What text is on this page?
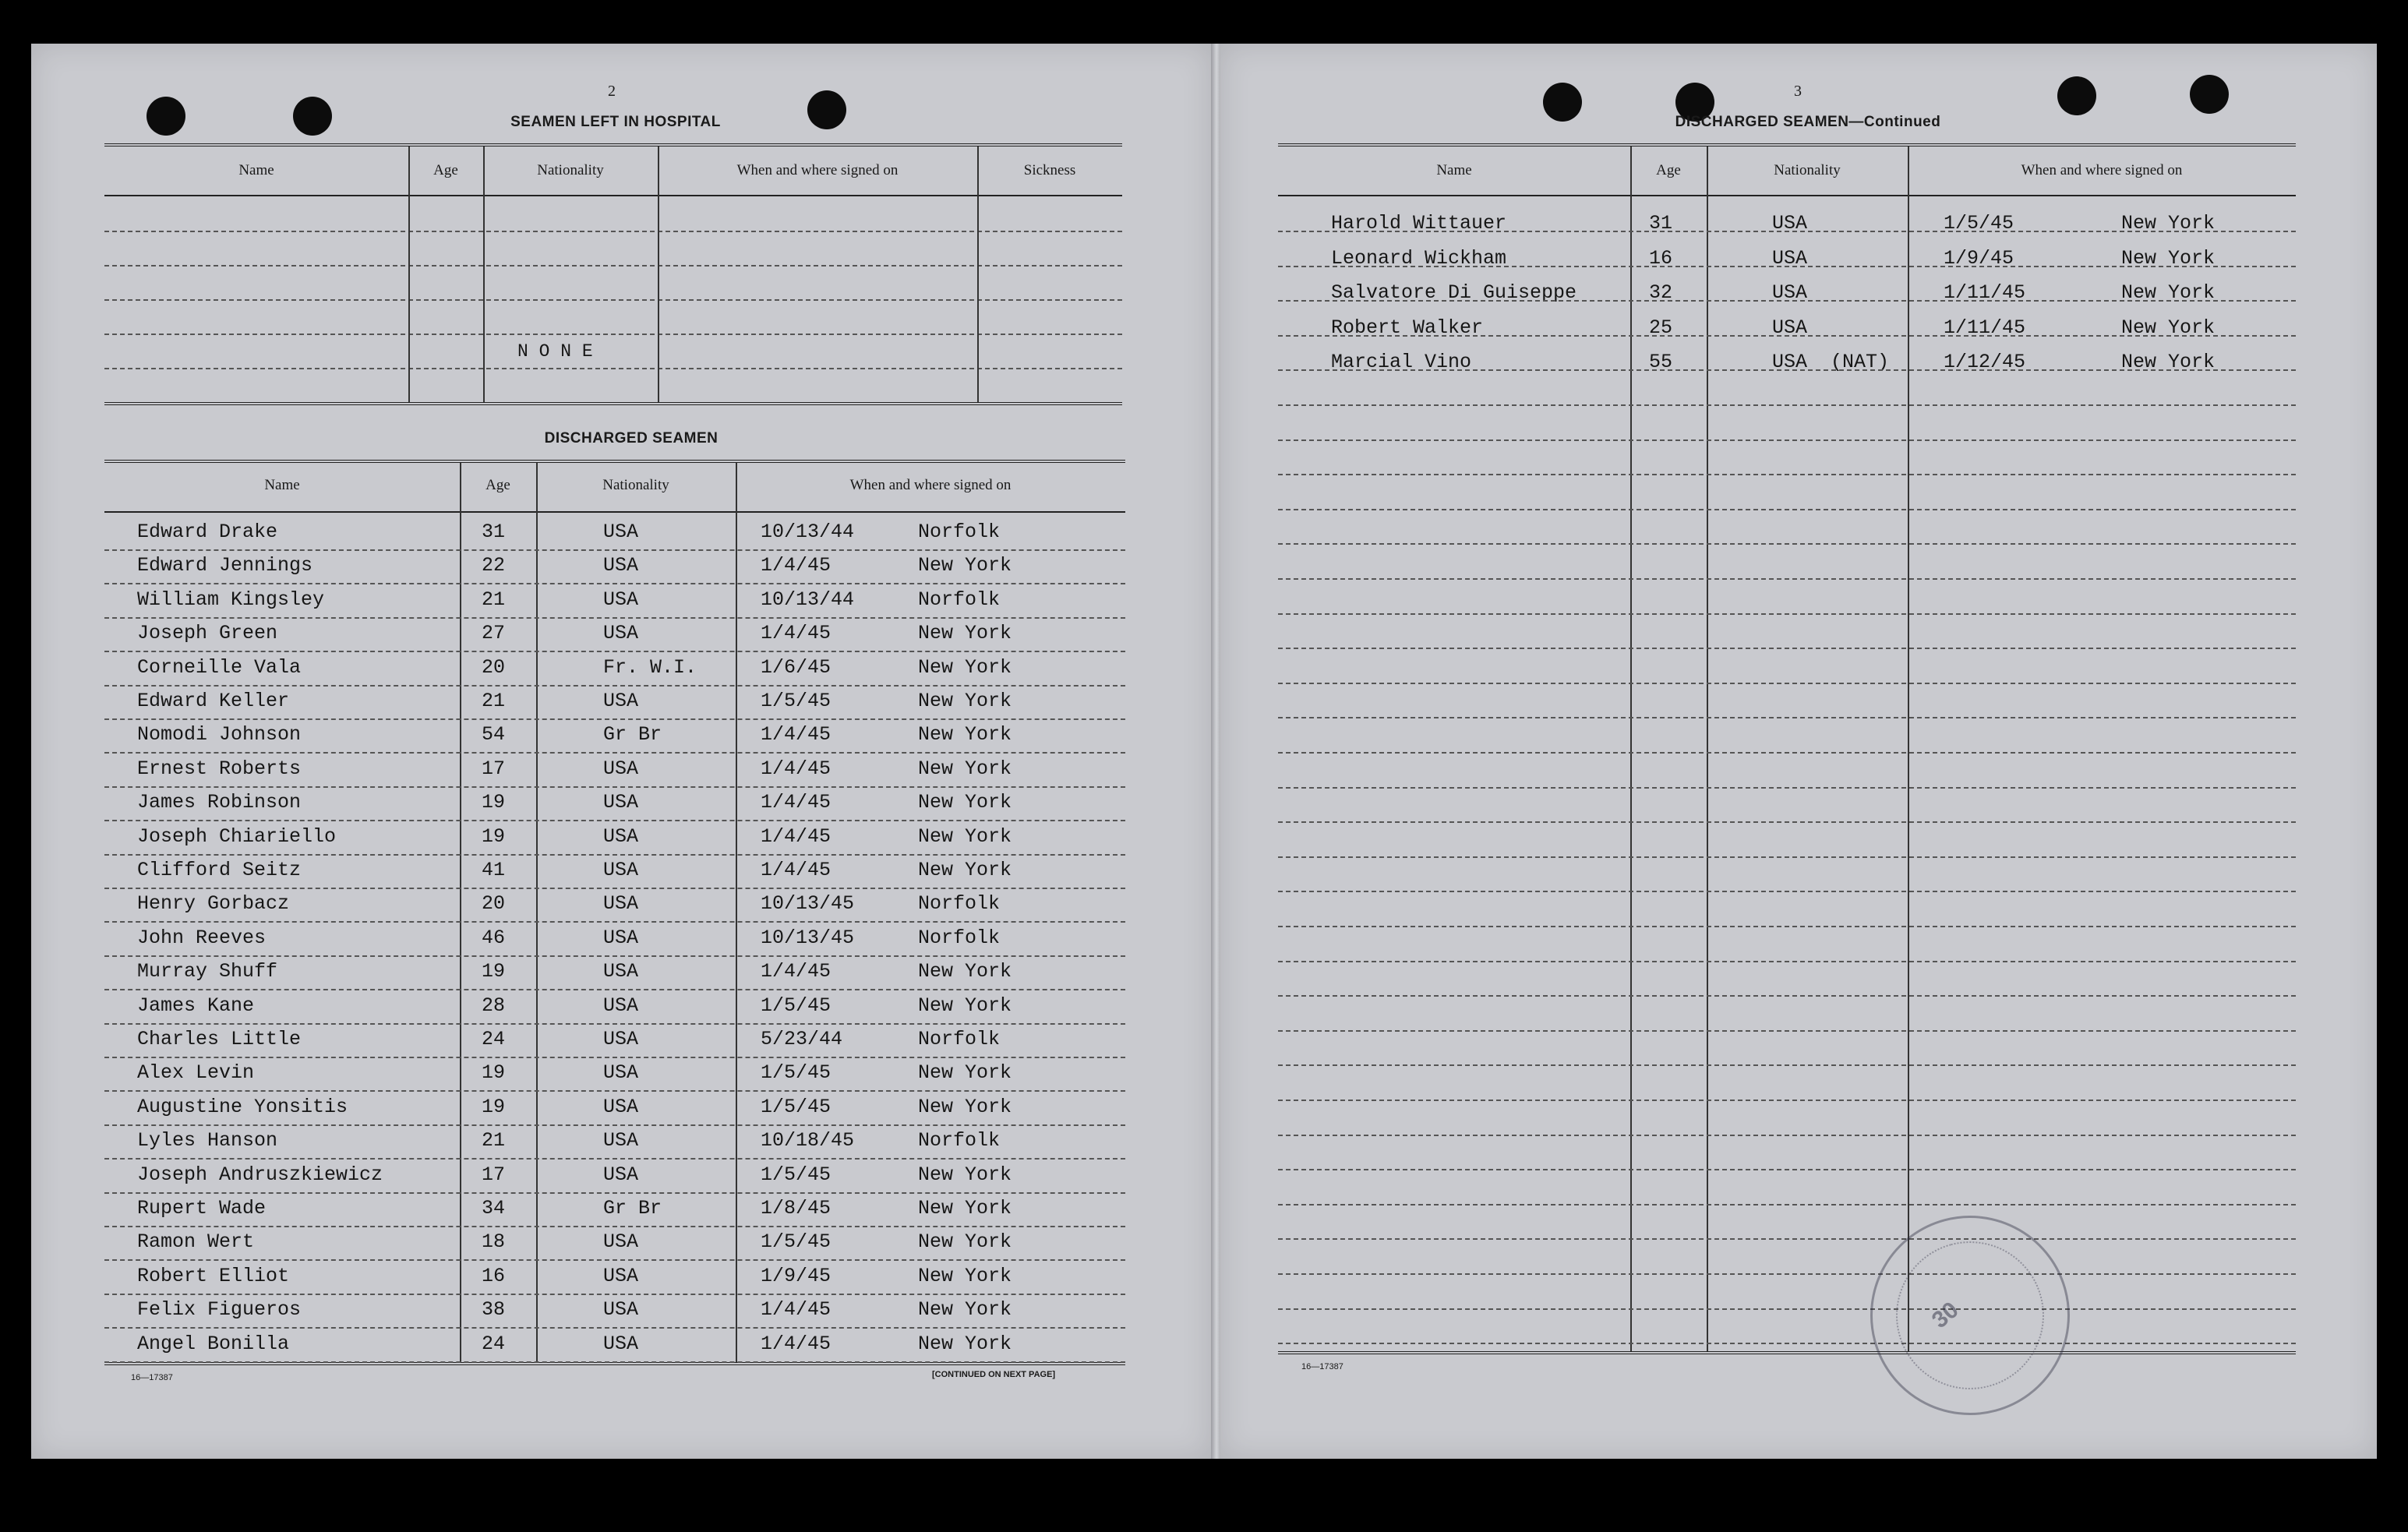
2
SEAMEN LEFT IN HOSPITAL
Name	Age	Nationality	When and where signed on	Sickness
N O N E
DISCHARGED SEAMEN
Name	Age	Nationality	When and where signed on
Edward Drake	31	USA	10/13/44	Norfolk
Edward Jennings	22	USA	1/4/45	New York
William Kingsley	21	USA	10/13/44	Norfolk
Joseph Green	27	USA	1/4/45	New York
Corneille Vala	20	Fr. W.I.	1/6/45	New York
Edward Keller	21	USA	1/5/45	New York
Nomodi Johnson	54	Gr Br	1/4/45	New York
Ernest Roberts	17	USA	1/4/45	New York
James Robinson	19	USA	1/4/45	New York
Joseph Chiariello	19	USA	1/4/45	New York
Clifford Seitz	41	USA	1/4/45	New York
Henry Gorbacz	20	USA	10/13/45	Norfolk
John Reeves	46	USA	10/13/45	Norfolk
Murray Shuff	19	USA	1/4/45	New York
James Kane	28	USA	1/5/45	New York
Charles Little	24	USA	5/23/44	Norfolk
Alex Levin	19	USA	1/5/45	New York
Augustine Yonsitis	19	USA	1/5/45	New York
Lyles Hanson	21	USA	10/18/45	Norfolk
Joseph Andruszkiewicz	17	USA	1/5/45	New York
Rupert Wade	34	Gr Br	1/8/45	New York
Ramon Wert	18	USA	1/5/45	New York
Robert Elliot	16	USA	1/9/45	New York
Felix Figueros	38	USA	1/4/45	New York
Angel Bonilla	24	USA	1/4/45	New York
16—17387	[CONTINUED ON NEXT PAGE]
3
DISCHARGED SEAMEN—Continued
Name	Age	Nationality	When and where signed on
Harold Wittauer	31	USA	1/5/45	New York
Leonard Wickham	16	USA	1/9/45	New York
Salvatore Di Guiseppe	32	USA	1/11/45	New York
Robert Walker	25	USA	1/11/45	New York
Marcial Vino	55	USA  (NAT)	1/12/45	New York
16—17387
30
